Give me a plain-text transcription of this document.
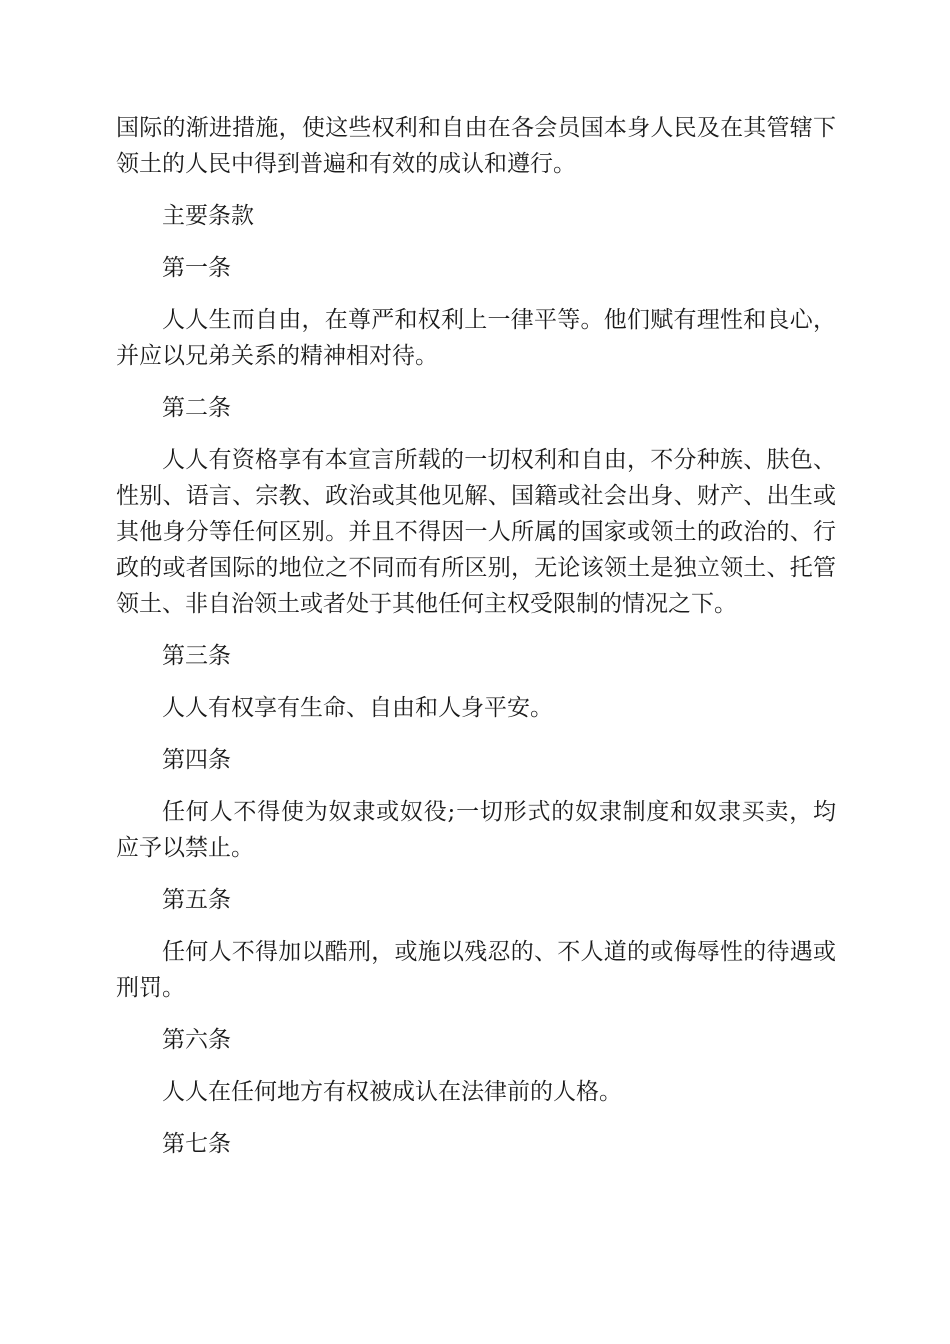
国际的渐进措施，使这些权利和自由在各会员国本身人民及在其管辖下领土的人民中得到普遍和有效的成认和遵行。

主要条款

第一条

人人生而自由，在尊严和权利上一律平等。他们赋有理性和良心，并应以兄弟关系的精神相对待。

第二条

人人有资格享有本宣言所载的一切权利和自由，不分种族、肤色、性别、语言、宗教、政治或其他见解、国籍或社会出身、财产、出生或其他身分等任何区别。并且不得因一人所属的国家或领土的政治的、行政的或者国际的地位之不同而有所区别，无论该领土是独立领土、托管领土、非自治领土或者处于其他任何主权受限制的情况之下。

第三条

人人有权享有生命、自由和人身平安。

第四条

任何人不得使为奴隶或奴役;一切形式的奴隶制度和奴隶买卖，均应予以禁止。

第五条

任何人不得加以酷刑，或施以残忍的、不人道的或侮辱性的待遇或刑罚。

第六条

人人在任何地方有权被成认在法律前的人格。

第七条
